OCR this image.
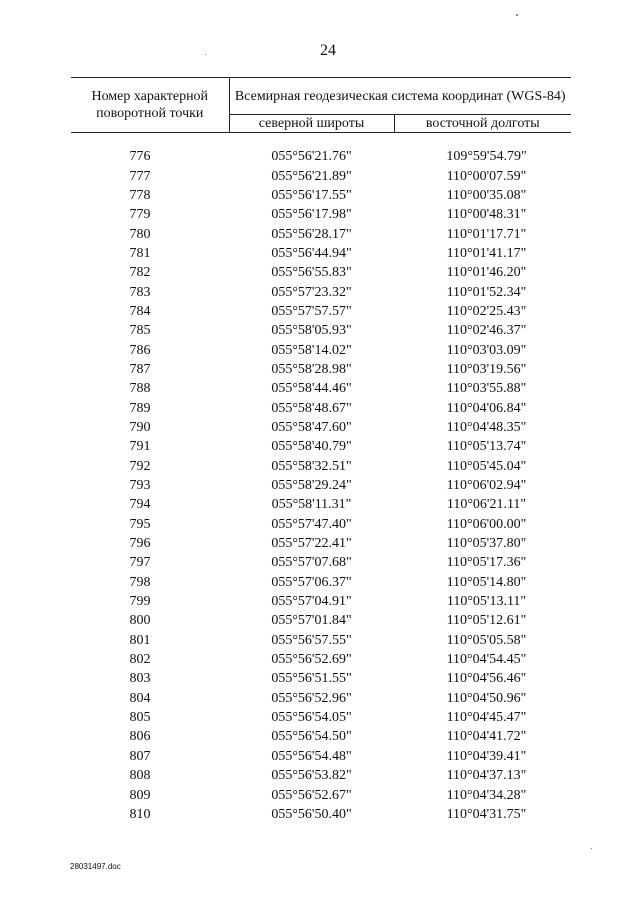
24
Номер характерной поворотной точки	Всемирная геодезическая система координат (WGS-84)	
	северной широты	восточной долготы
776	055°56'21.76"	109°59'54.79"
777	055°56'21.89"	110°00'07.59"
778	055°56'17.55"	110°00'35.08"
779	055°56'17.98"	110°00'48.31"
780	055°56'28.17"	110°01'17.71"
781	055°56'44.94"	110°01'41.17"
782	055°56'55.83"	110°01'46.20"
783	055°57'23.32"	110°01'52.34"
784	055°57'57.57"	110°02'25.43"
785	055°58'05.93"	110°02'46.37"
786	055°58'14.02"	110°03'03.09"
787	055°58'28.98"	110°03'19.56"
788	055°58'44.46"	110°03'55.88"
789	055°58'48.67"	110°04'06.84"
790	055°58'47.60"	110°04'48.35"
791	055°58'40.79"	110°05'13.74"
792	055°58'32.51"	110°05'45.04"
793	055°58'29.24"	110°06'02.94"
794	055°58'11.31"	110°06'21.11"
795	055°57'47.40"	110°06'00.00"
796	055°57'22.41"	110°05'37.80"
797	055°57'07.68"	110°05'17.36"
798	055°57'06.37"	110°05'14.80"
799	055°57'04.91"	110°05'13.11"
800	055°57'01.84"	110°05'12.61"
801	055°56'57.55"	110°05'05.58"
802	055°56'52.69"	110°04'54.45"
803	055°56'51.55"	110°04'56.46"
804	055°56'52.96"	110°04'50.96"
805	055°56'54.05"	110°04'45.47"
806	055°56'54.50"	110°04'41.72"
807	055°56'54.48"	110°04'39.41"
808	055°56'53.82"	110°04'37.13"
809	055°56'52.67"	110°04'34.28"
810	055°56'50.40"	110°04'31.75"
28031497.doc
